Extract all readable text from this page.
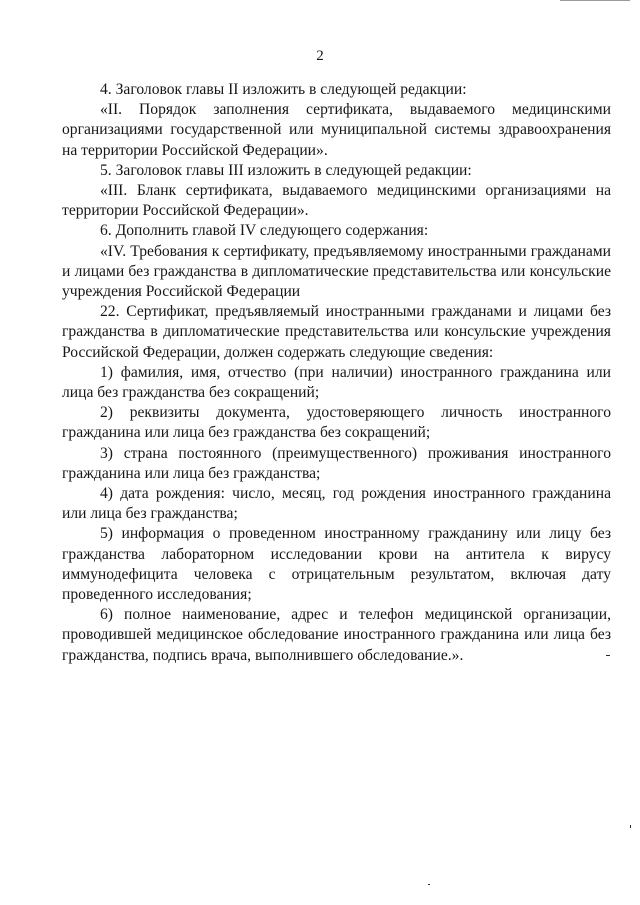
2

4. Заголовок главы II изложить в следующей редакции:

«II. Порядок заполнения сертификата, выдаваемого медицинскими организациями государственной или муниципальной системы здравоохранения на территории Российской Федерации».

5. Заголовок главы III изложить в следующей редакции:

«III. Бланк сертификата, выдаваемого медицинскими организациями на территории Российской Федерации».

6. Дополнить главой IV следующего содержания:

«IV. Требования к сертификату, предъявляемому иностранными гражданами и лицами без гражданства в дипломатические представительства или консульские учреждения Российской Федерации

22. Сертификат, предъявляемый иностранными гражданами и лицами без гражданства в дипломатические представительства или консульские учреждения Российской Федерации, должен содержать следующие сведения:

1) фамилия, имя, отчество (при наличии) иностранного гражданина или лица без гражданства без сокращений;

2) реквизиты документа, удостоверяющего личность иностранного гражданина или лица без гражданства без сокращений;

3) страна постоянного (преимущественного) проживания иностранного гражданина или лица без гражданства;

4) дата рождения: число, месяц, год рождения иностранного гражданина или лица без гражданства;

5) информация о проведенном иностранному гражданину или лицу без гражданства лабораторном исследовании крови на антитела к вирусу иммунодефицита человека с отрицательным результатом, включая дату проведенного исследования;

6) полное наименование, адрес и телефон медицинской организации, проводившей медицинское обследование иностранного гражданина или лица без гражданства, подпись врача, выполнившего обследование.».
